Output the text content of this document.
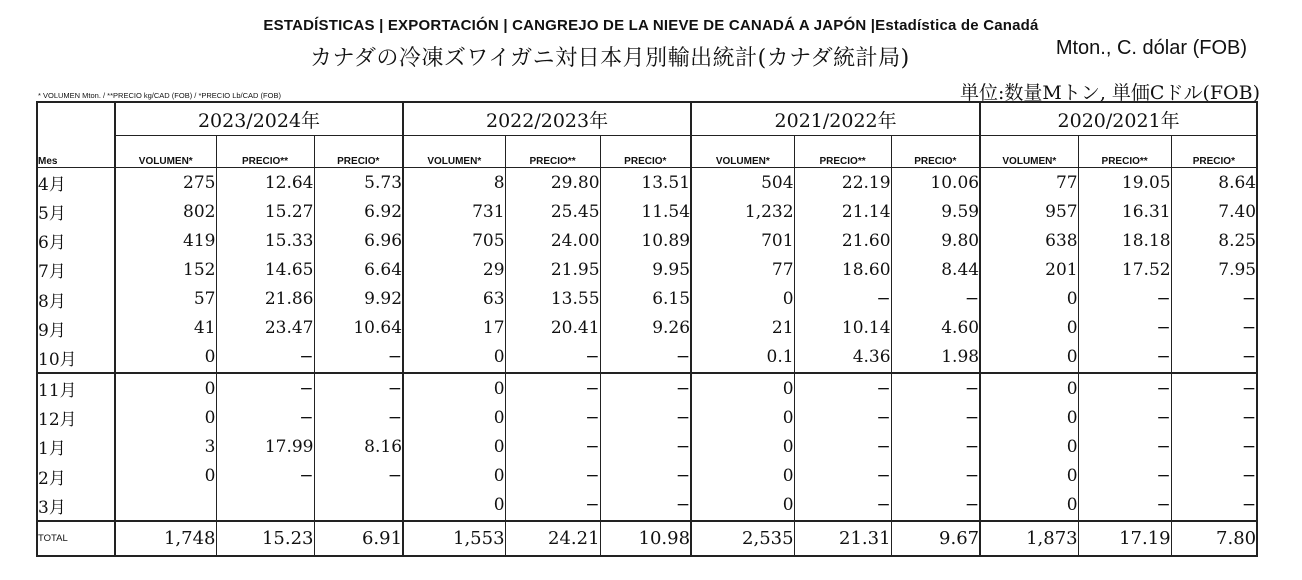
ESTADÍSTICAS | EXPORTACIÓN | CANGREJO DE LA NIEVE DE CANADÁ A JAPÓN |Estadística de Canadá
カナダの冷凍ズワイガニ対日本月別輸出統計(カナダ統計局)	Mton., C. dólar (FOB)
単位:数量Mトン, 単価Cドル(FOB)
* VOLUMEN Mton. / **PRECIO kg/CAD (FOB) / *PRECIO Lb/CAD (FOB)
	2023/2024年			2022/2023年			2021/2022年			2020/2021年		
Mes	VOLUMEN*	PRECIO**	PRECIO*	VOLUMEN*	PRECIO**	PRECIO*	VOLUMEN*	PRECIO**	PRECIO*	VOLUMEN*	PRECIO**	PRECIO*
4月	275	12.64	5.73	8	29.80	13.51	504	22.19	10.06	77	19.05	8.64
5月	802	15.27	6.92	731	25.45	11.54	1,232	21.14	9.59	957	16.31	7.40
6月	419	15.33	6.96	705	24.00	10.89	701	21.60	9.80	638	18.18	8.25
7月	152	14.65	6.64	29	21.95	9.95	77	18.60	8.44	201	17.52	7.95
8月	57	21.86	9.92	63	13.55	6.15	0	−	−	0	−	−
9月	41	23.47	10.64	17	20.41	9.26	21	10.14	4.60	0	−	−
10月	0	−	−	0	−	−	0.1	4.36	1.98	0	−	−
11月	0	−	−	0	−	−	0	−	−	0	−	−
12月	0	−	−	0	−	−	0	−	−	0	−	−
1月	3	17.99	8.16	0	−	−	0	−	−	0	−	−
2月	0	−	−	0	−	−	0	−	−	0	−	−
3月				0	−	−	0	−	−	0	−	−
TOTAL	1,748	15.23	6.91	1,553	24.21	10.98	2,535	21.31	9.67	1,873	17.19	7.80
